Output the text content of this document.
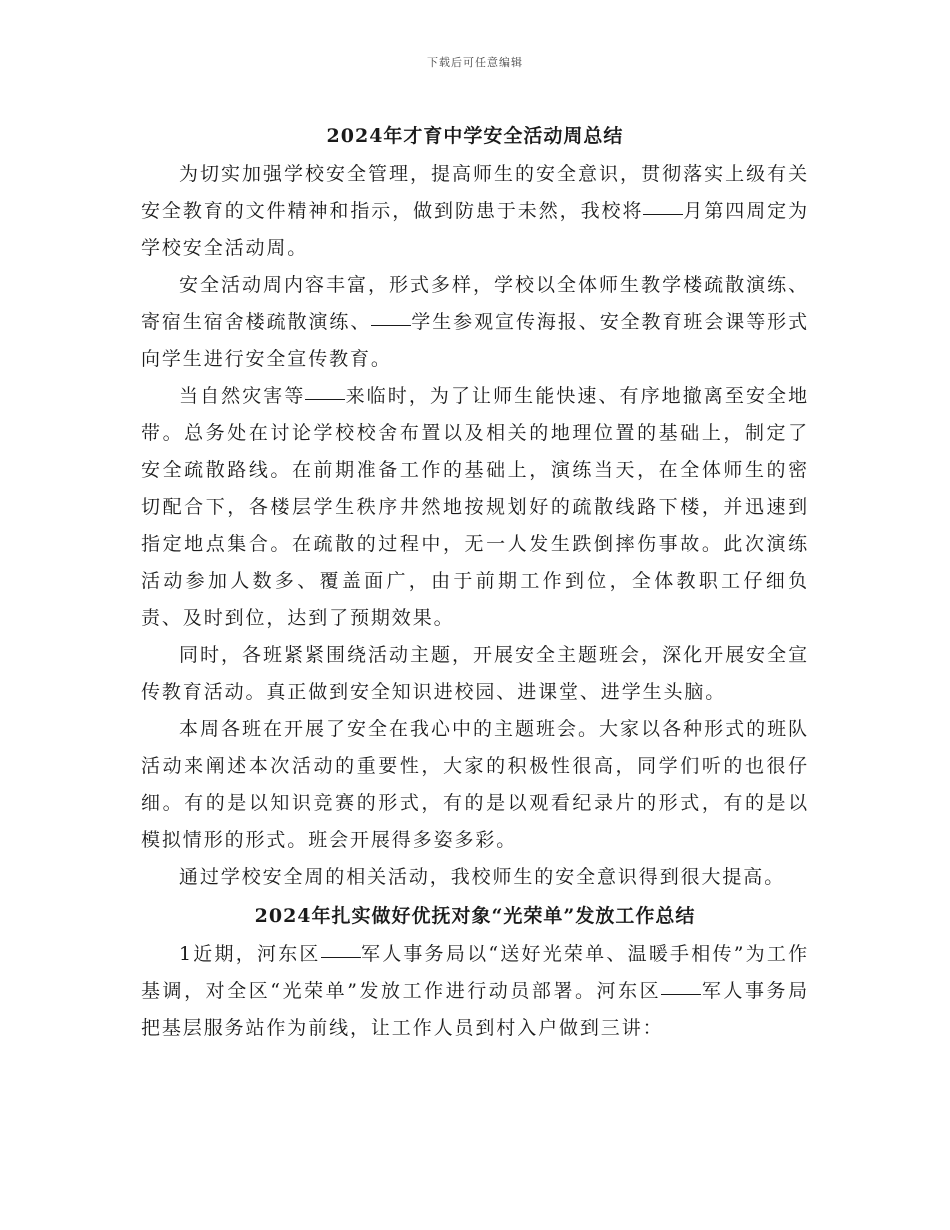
下载后可任意编辑
2024年才育中学安全活动周总结

为切实加强学校安全管理，提高师生的安全意识，贯彻落实上级有关安全教育的文件精神和指示，做到防患于未然，我校将 月第四周定为学校安全活动周。

安全活动周内容丰富，形式多样，学校以全体师生教学楼疏散演练、寄宿生宿舍楼疏散演练、 学生参观宣传海报、安全教育班会课等形式向学生进行安全宣传教育。

当自然灾害等 来临时，为了让师生能快速、有序地撤离至安全地带。总务处在讨论学校校舍布置以及相关的地理位置的基础上，制定了安全疏散路线。在前期准备工作的基础上，演练当天，在全体师生的密切配合下，各楼层学生秩序井然地按规划好的疏散线路下楼，并迅速到指定地点集合。在疏散的过程中，无一人发生跌倒摔伤事故。此次演练活动参加人数多、覆盖面广，由于前期工作到位，全体教职工仔细负责、及时到位，达到了预期效果。

同时，各班紧紧围绕活动主题，开展安全主题班会，深化开展安全宣传教育活动。真正做到安全知识进校园、进课堂、进学生头脑。

本周各班在开展了安全在我心中的主题班会。大家以各种形式的班队活动来阐述本次活动的重要性，大家的积极性很高，同学们听的也很仔细。有的是以知识竞赛的形式，有的是以观看纪录片的形式，有的是以模拟情形的形式。班会开展得多姿多彩。

通过学校安全周的相关活动，我校师生的安全意识得到很大提高。

2024年扎实做好优抚对象“光荣单”发放工作总结

1近期，河东区 军人事务局以“送好光荣单、温暖手相传”为工作基调，对全区“光荣单”发放工作进行动员部署。河东区 军人事务局把基层服务站作为前线，让工作人员到村入户做到三讲：
